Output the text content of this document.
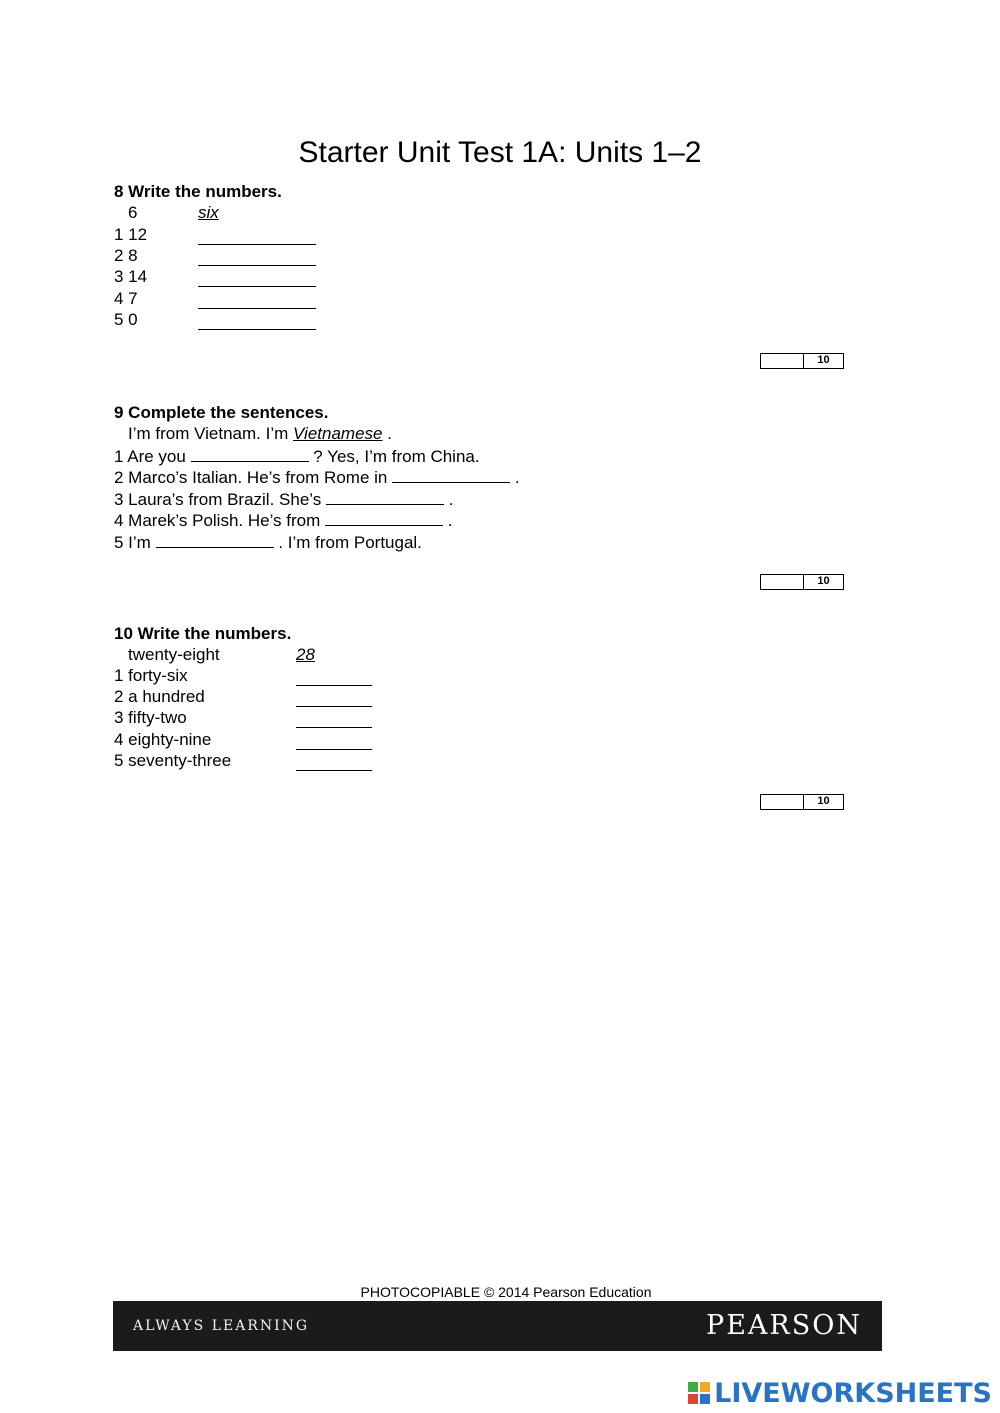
Starter Unit Test 1A: Units 1–2
8 Write the numbers.
6	six
1 12
2 8
3 14
4 7
5 0
10
9 Complete the sentences.
I’m from Vietnam. I’m Vietnamese .
1 Are you	? Yes, I’m from China.
2 Marco’s Italian. He’s from Rome in	.
3 Laura’s from Brazil. She’s	.
4 Marek’s Polish. He’s from	.
5 I’m	. I’m from Portugal.
10
10 Write the numbers.
twenty-eight	28
1 forty-six
2 a hundred
3 fifty-two
4 eighty-nine
5 seventy-three
10
PHOTOCOPIABLE © 2014 Pearson Education
ALWAYS LEARNING	PEARSON
LIVEWORKSHEETS
